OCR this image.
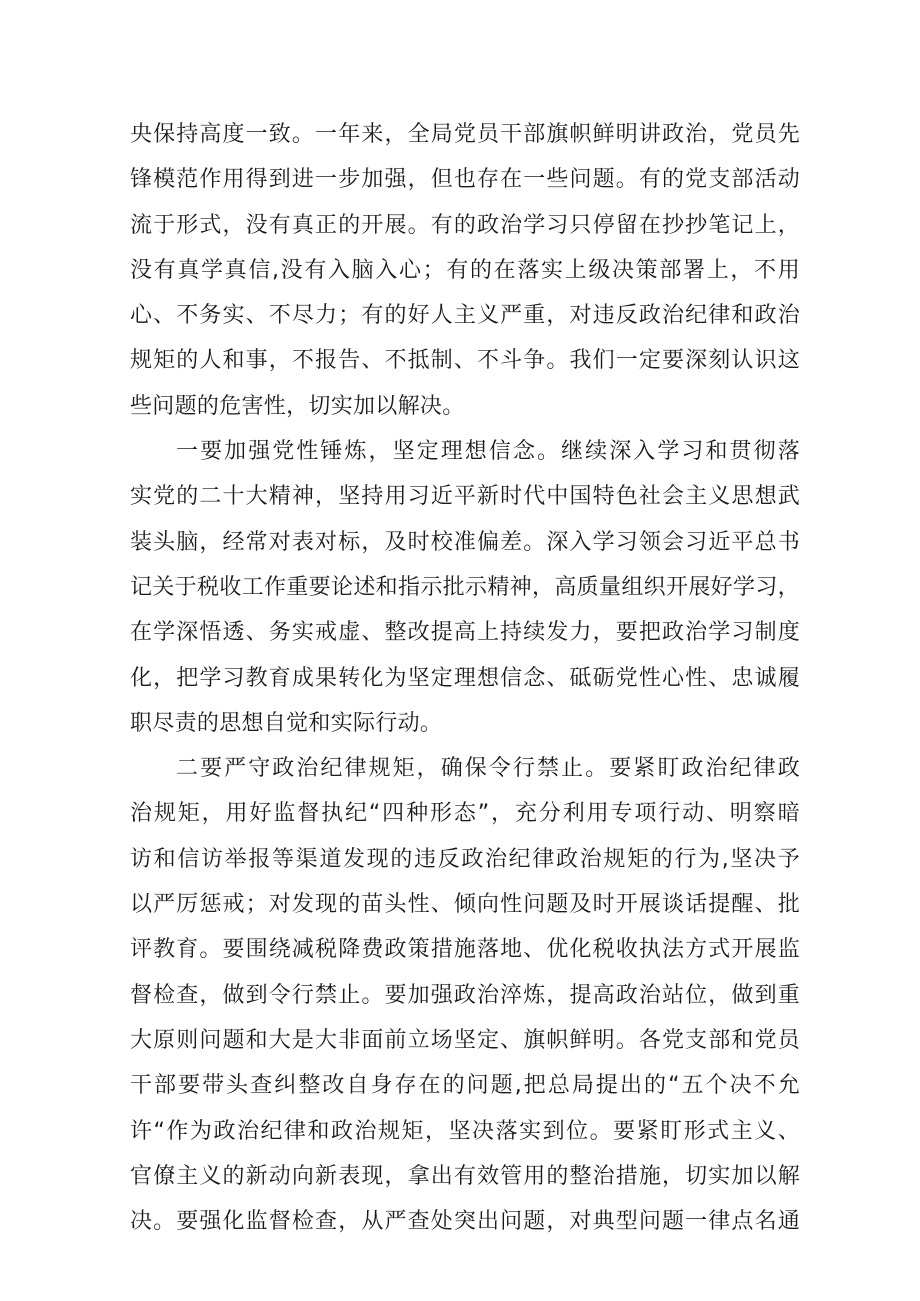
央保持高度一致。一年来，全局党员干部旗帜鲜明讲政治，党员先
锋模范作用得到进一步加强，但也存在一些问题。有的党支部活动
流于形式，没有真正的开展。有的政治学习只停留在抄抄笔记上，
没有真学真信,没有入脑入心；有的在落实上级决策部署上，不用
心、不务实、不尽力；有的好人主义严重，对违反政治纪律和政治
规矩的人和事，不报告、不抵制、不斗争。我们一定要深刻认识这
些问题的危害性，切实加以解决。
一要加强党性锤炼，坚定理想信念。继续深入学习和贯彻落
实党的二十大精神，坚持用习近平新时代中国特色社会主义思想武
装头脑，经常对表对标，及时校准偏差。深入学习领会习近平总书
记关于税收工作重要论述和指示批示精神，高质量组织开展好学习，
在学深悟透、务实戒虚、整改提高上持续发力，要把政治学习制度
化，把学习教育成果转化为坚定理想信念、砥砺党性心性、忠诚履
职尽责的思想自觉和实际行动。
二要严守政治纪律规矩，确保令行禁止。要紧盯政治纪律政
治规矩，用好监督执纪“四种形态”，充分利用专项行动、明察暗
访和信访举报等渠道发现的违反政治纪律政治规矩的行为,坚决予
以严厉惩戒；对发现的苗头性、倾向性问题及时开展谈话提醒、批
评教育。要围绕减税降费政策措施落地、优化税收执法方式开展监
督检查，做到令行禁止。要加强政治淬炼，提高政治站位，做到重
大原则问题和大是大非面前立场坚定、旗帜鲜明。各党支部和党员
干部要带头查纠整改自身存在的问题,把总局提出的“五个决不允
许“作为政治纪律和政治规矩，坚决落实到位。要紧盯形式主义、
官僚主义的新动向新表现，拿出有效管用的整治措施，切实加以解
决。要强化监督检查，从严查处突出问题，对典型问题一律点名通
